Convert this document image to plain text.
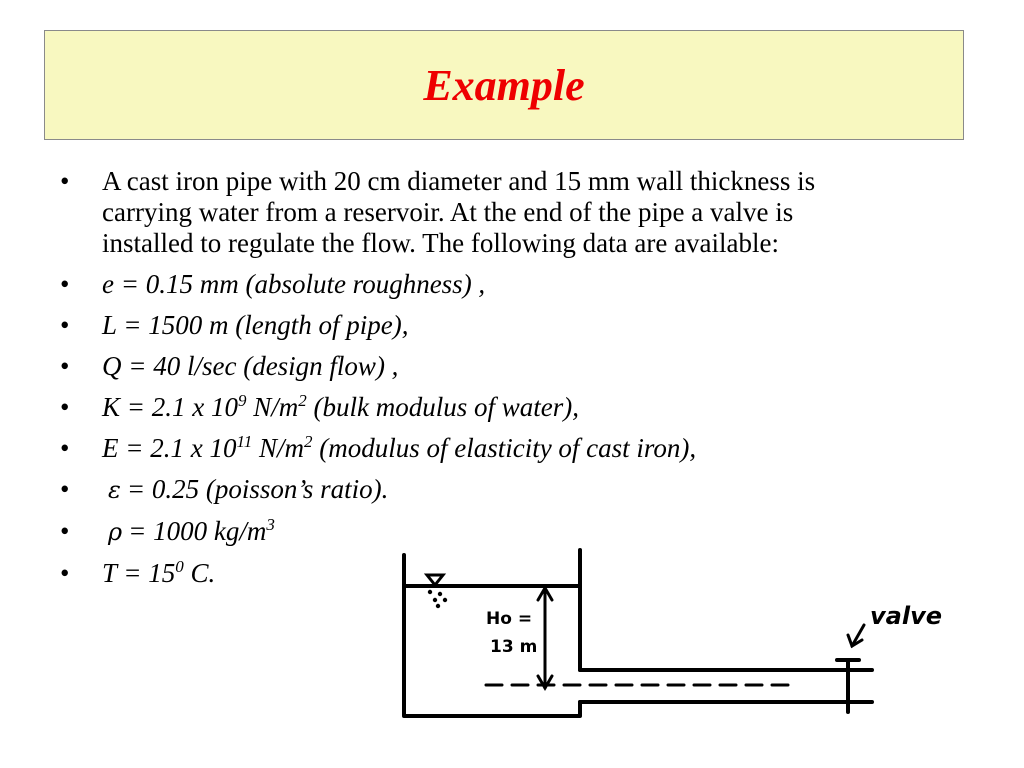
Example
• A cast iron pipe with 20 cm diameter and 15 mm wall thickness is carrying water from a reservoir. At the end of the pipe a valve is installed to regulate the flow. The following data are available:
• e = 0.15 mm (absolute roughness) ,
• L = 1500 m (length of pipe),
• Q = 40 l/sec (design flow) ,
• K = 2.1 x $10^9$ $N/m^2$ (bulk modulus of water),
• E = 2.1 x $10^{11}$ $N/m^2$ (modulus of elasticity of cast iron),
• ε = 0.25 (poisson’s ratio).
• ρ = 1000 $kg/m^3$
• $T = 15^0$ C.
Ho =
13 m
valve
